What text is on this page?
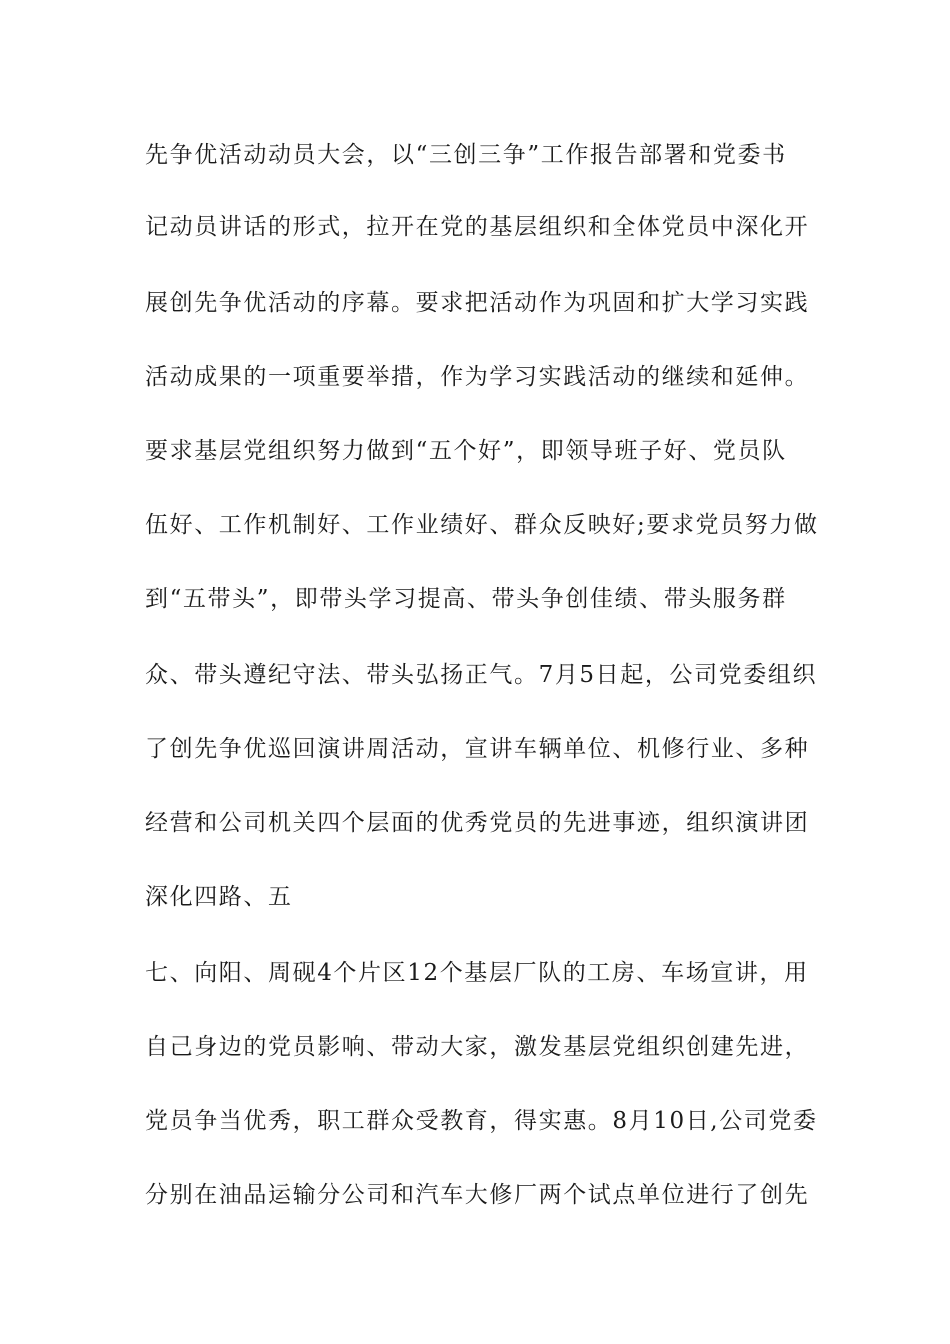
先争优活动动员大会，以“三创三争”工作报告部署和党委书
记动员讲话的形式，拉开在党的基层组织和全体党员中深化开
展创先争优活动的序幕。要求把活动作为巩固和扩大学习实践
活动成果的一项重要举措，作为学习实践活动的继续和延伸。
要求基层党组织努力做到“五个好”，即领导班子好、党员队
伍好、工作机制好、工作业绩好、群众反映好;要求党员努力做
到“五带头”，即带头学习提高、带头争创佳绩、带头服务群
众、带头遵纪守法、带头弘扬正气。7月5日起，公司党委组织
了创先争优巡回演讲周活动，宣讲车辆单位、机修行业、多种
经营和公司机关四个层面的优秀党员的先进事迹，组织演讲团
深化四路、五
七、向阳、周砚4个片区12个基层厂队的工房、车场宣讲，用
自己身边的党员影响、带动大家，激发基层党组织创建先进，
党员争当优秀，职工群众受教育，得实惠。8月10日,公司党委
分别在油品运输分公司和汽车大修厂两个试点单位进行了创先
